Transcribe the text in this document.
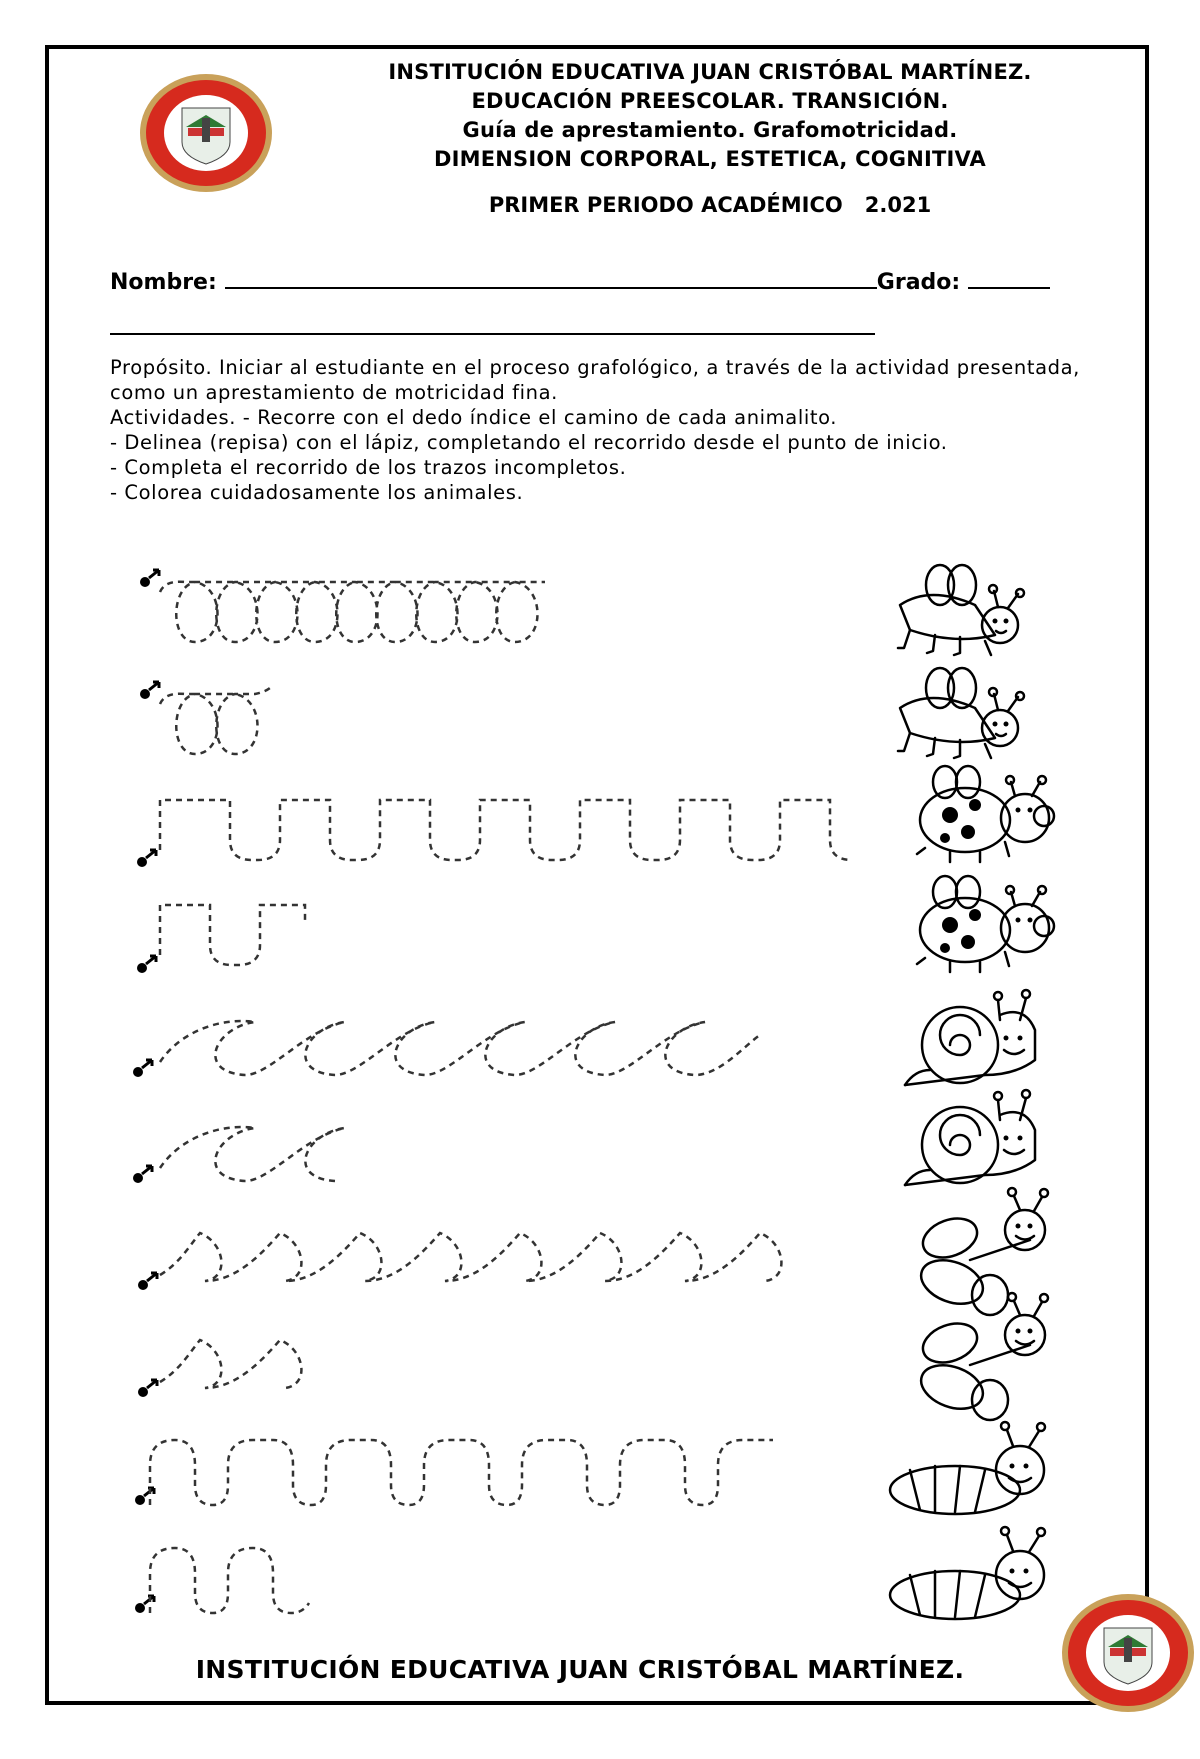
INSTITUCIÓN EDUCATIVA JUAN CRISTÓBAL MARTÍNEZ.
EDUCACIÓN PREESCOLAR. TRANSICIÓN.
Guía de aprestamiento. Grafomotricidad.
DIMENSION CORPORAL, ESTETICA, COGNITIVA
PRIMER PERIODO ACADÉMICO 2.021
Nombre:	Grado:

Propósito. Iniciar al estudiante en el proceso grafológico, a través de la actividad presentada, como un aprestamiento de motricidad fina.

Actividades. - Recorre con el dedo índice el camino de cada animalito.

- Delinea (repisa) con el lápiz, completando el recorrido desde el punto de inicio.

- Completa el recorrido de los trazos incompletos.

- Colorea cuidadosamente los animales.

INSTITUCIÓN EDUCATIVA JUAN CRISTÓBAL MARTÍNEZ.
